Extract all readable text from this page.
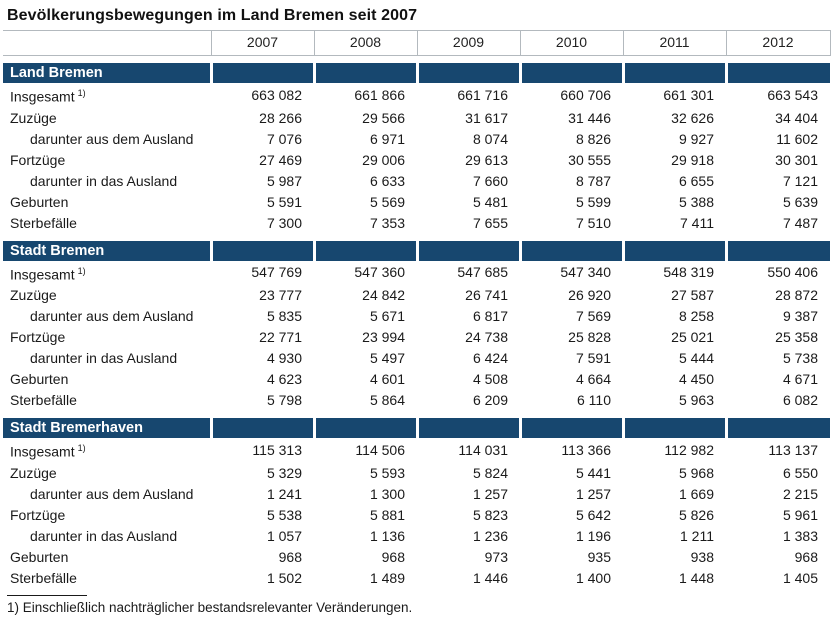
Bevölkerungsbewegungen im Land Bremen seit 2007
	2007	2008	2009	2010	2011	2012

Land Bremen						
Insgesamt $^{1)}$	663 082	661 866	661 716	660 706	661 301	663 543
Zuzüge	28 266	29 566	31 617	31 446	32 626	34 404
darunter aus dem Ausland	7 076	6 971	8 074	8 826	9 927	11 602
Fortzüge	27 469	29 006	29 613	30 555	29 918	30 301
darunter in das Ausland	5 987	6 633	7 660	8 787	6 655	7 121
Geburten	5 591	5 569	5 481	5 599	5 388	5 639
Sterbefälle	7 300	7 353	7 655	7 510	7 411	7 487

Stadt Bremen						
Insgesamt $^{1)}$	547 769	547 360	547 685	547 340	548 319	550 406
Zuzüge	23 777	24 842	26 741	26 920	27 587	28 872
darunter aus dem Ausland	5 835	5 671	6 817	7 569	8 258	9 387
Fortzüge	22 771	23 994	24 738	25 828	25 021	25 358
darunter in das Ausland	4 930	5 497	6 424	7 591	5 444	5 738
Geburten	4 623	4 601	4 508	4 664	4 450	4 671
Sterbefälle	5 798	5 864	6 209	6 110	5 963	6 082

Stadt Bremerhaven						
Insgesamt $^{1)}$	115 313	114 506	114 031	113 366	112 982	113 137
Zuzüge	5 329	5 593	5 824	5 441	5 968	6 550
darunter aus dem Ausland	1 241	1 300	1 257	1 257	1 669	2 215
Fortzüge	5 538	5 881	5 823	5 642	5 826	5 961
darunter in das Ausland	1 057	1 136	1 236	1 196	1 211	1 383
Geburten	968	968	973	935	938	968
Sterbefälle	1 502	1 489	1 446	1 400	1 448	1 405
1) Einschließlich nachträglicher bestandsrelevanter Veränderungen.
